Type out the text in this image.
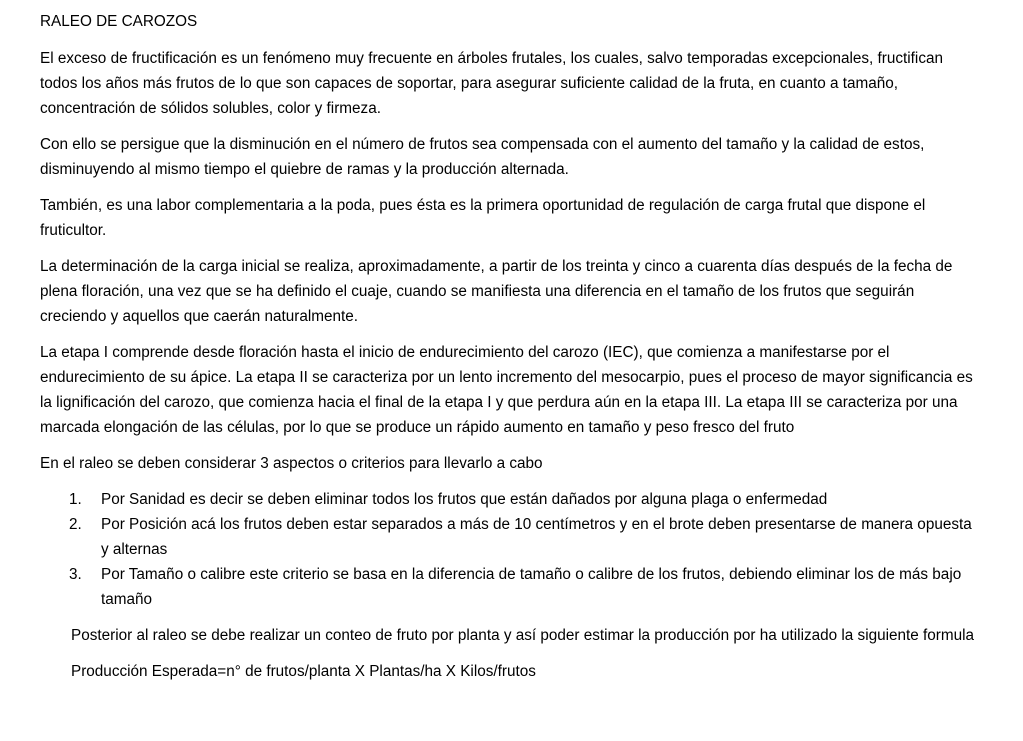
RALEO DE CAROZOS

El exceso de fructificación es un fenómeno muy frecuente en árboles frutales, los cuales, salvo temporadas excepcionales, fructifican todos los años más frutos de lo que son capaces de soportar, para asegurar suficiente calidad de la fruta, en cuanto a tamaño, concentración de sólidos solubles, color y firmeza.

Con ello se persigue que la disminución en el número de frutos sea compensada con el aumento del tamaño y la calidad de estos, disminuyendo al mismo tiempo el quiebre de ramas y la producción alternada.

También, es una labor complementaria a la poda, pues ésta es la primera oportunidad de regulación de carga frutal que dispone el fruticultor.

La determinación de la carga inicial se realiza, aproximadamente, a partir de los treinta y cinco a cuarenta días después de la fecha de plena floración, una vez que se ha definido el cuaje, cuando se manifiesta una diferencia en el tamaño de los frutos que seguirán creciendo y aquellos que caerán naturalmente.

La etapa I comprende desde floración hasta el inicio de endurecimiento del carozo (IEC), que comienza a manifestarse por el endurecimiento de su ápice. La etapa II se caracteriza por un lento incremento del mesocarpio, pues el proceso de mayor significancia es la lignificación del carozo, que comienza hacia el final de la etapa I y que perdura aún en la etapa III. La etapa III se caracteriza por una marcada elongación de las células, por lo que se produce un rápido aumento en tamaño y peso fresco del fruto

En el raleo se deben considerar 3 aspectos o criterios para llevarlo a cabo

1. Por Sanidad es decir se deben eliminar todos los frutos que están dañados por alguna plaga o enfermedad
2. Por Posición acá los frutos deben estar separados a más de 10 centímetros y en el brote deben presentarse de manera opuesta y alternas
3. Por Tamaño o calibre este criterio se basa en la diferencia de tamaño o calibre de los frutos, debiendo eliminar los de más bajo tamaño

Posterior al raleo se debe realizar un conteo de fruto por planta y así poder estimar la producción por ha utilizado la siguiente formula

Producción Esperada=n° de frutos/planta X Plantas/ha X Kilos/frutos
